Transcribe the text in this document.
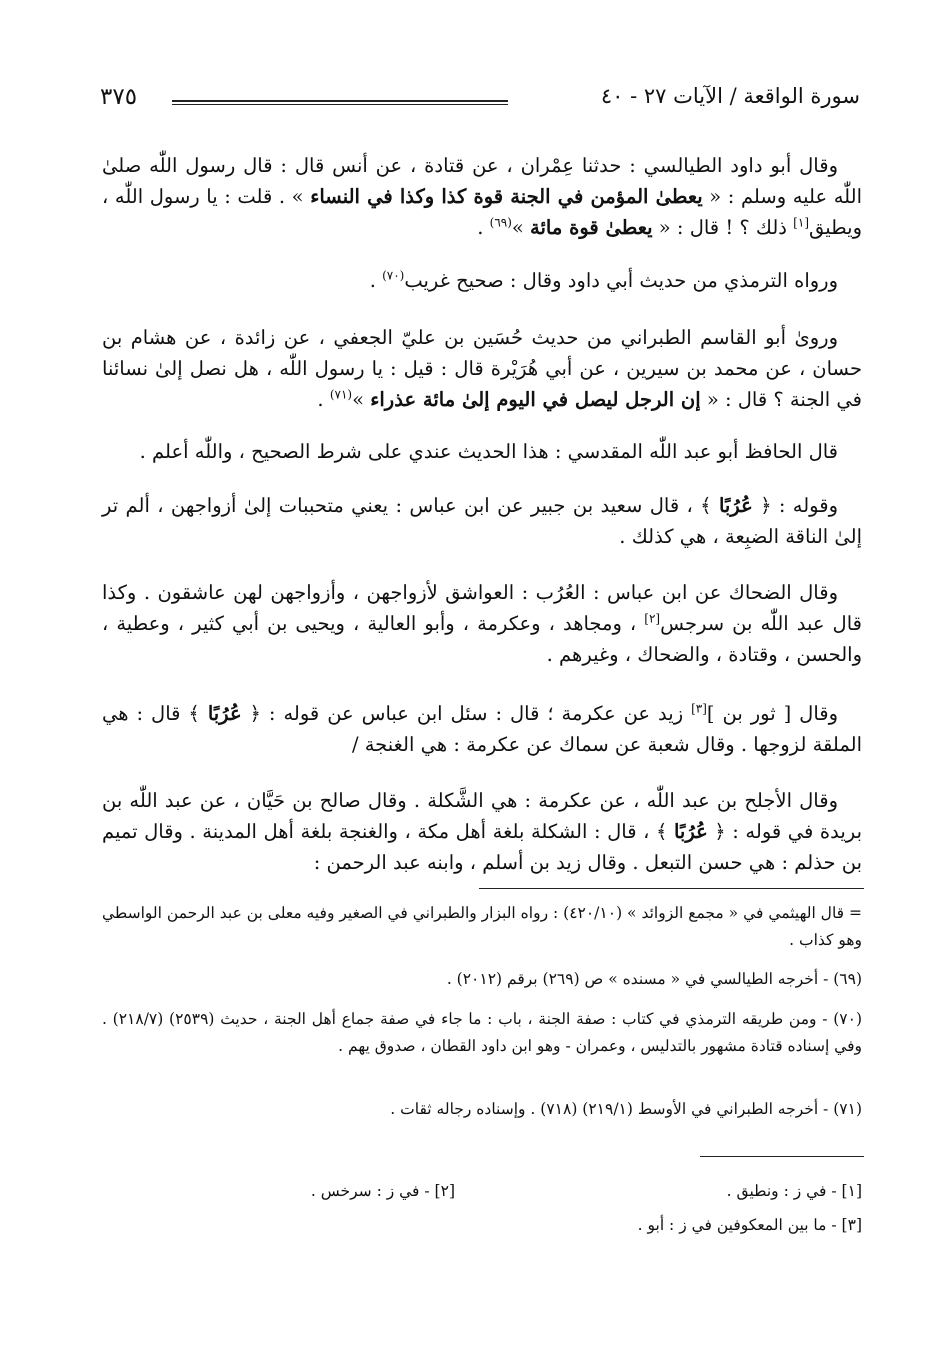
سورة الواقعة / الآيات ٢٧ - ٤٠
٣٧٥

وقال أبو داود الطيالسي : حدثنا عِمْران ، عن قتادة ، عن أنس قال : قال رسول اللّٰه صلىٰ اللّٰه عليه وسلم : « يعطىٰ المؤمن في الجنة قوة كذا وكذا في النساء » . قلت : يا رسول اللّٰه ، ويطيق[١] ذلك ؟ ! قال : « يعطىٰ قوة مائة »$^{(٦٩)}$ .

ورواه الترمذي من حديث أبي داود وقال : صحيح غريب$^{(٧٠)}$ .

وروىٰ أبو القاسم الطبراني من حديث حُسَين بن عليّ الجعفي ، عن زائدة ، عن هشام بن حسان ، عن محمد بن سيرين ، عن أبي هُرَيْرة قال : قيل : يا رسول اللّٰه ، هل نصل إلىٰ نسائنا في الجنة ؟ قال : « إن الرجل ليصل في اليوم إلىٰ مائة عذراء »$^{(٧١)}$ .

قال الحافظ أبو عبد اللّٰه المقدسي : هذا الحديث عندي على شرط الصحيح ، واللّٰه أعلم .

وقوله : ﴿ عُرُبًا ﴾ ، قال سعيد بن جبير عن ابن عباس : يعني متحببات إلىٰ أزواجهن ، ألم تر إلىٰ الناقة الضبِعة ، هي كذلك .

وقال الضحاك عن ابن عباس : العُرُب : العواشق لأزواجهن ، وأزواجهن لهن عاشقون . وكذا قال عبد اللّٰه بن سرجس[٢] ، ومجاهد ، وعكرمة ، وأبو العالية ، ويحيى بن أبي كثير ، وعطية ، والحسن ، وقتادة ، والضحاك ، وغيرهم .

وقال [ ثور بن ][٣] زيد عن عكرمة ؛ قال : سئل ابن عباس عن قوله : ﴿ عُرُبًا ﴾ قال : هي الملقة لزوجها . وقال شعبة عن سماك عن عكرمة : هي الغنجة /

وقال الأجلح بن عبد اللّٰه ، عن عكرمة : هي الشَّكلة . وقال صالح بن حَيَّان ، عن عبد اللّٰه بن بريدة في قوله : ﴿ عُرُبًا ﴾ ، قال : الشكلة بلغة أهل مكة ، والغنجة بلغة أهل المدينة . وقال تميم بن حذلم : هي حسن التبعل . وقال زيد بن أسلم ، وابنه عبد الرحمن :

= قال الهيثمي في « مجمع الزوائد » (٤٢٠/١٠) : رواه البزار والطبراني في الصغير وفيه معلى بن عبد الرحمن الواسطي وهو كذاب .

(٦٩) - أخرجه الطيالسي في « مسنده » ص (٢٦٩) برقم (٢٠١٢) .

(٧٠) - ومن طريقه الترمذي في كتاب : صفة الجنة ، باب : ما جاء في صفة جماع أهل الجنة ، حديث (٢٥٣٩) (٢١٨/٧) . وفي إسناده قتادة مشهور بالتدليس ، وعمران - وهو ابن داود القطان ، صدوق يهم .

(٧١) - أخرجه الطبراني في الأوسط (٢١٩/١) (٧١٨) . وإسناده رجاله ثقات .

[١] - في ز : ونطيق .
[٢] - في ز : سرخس .
[٣] - ما بين المعكوفين في ز : أبو .
